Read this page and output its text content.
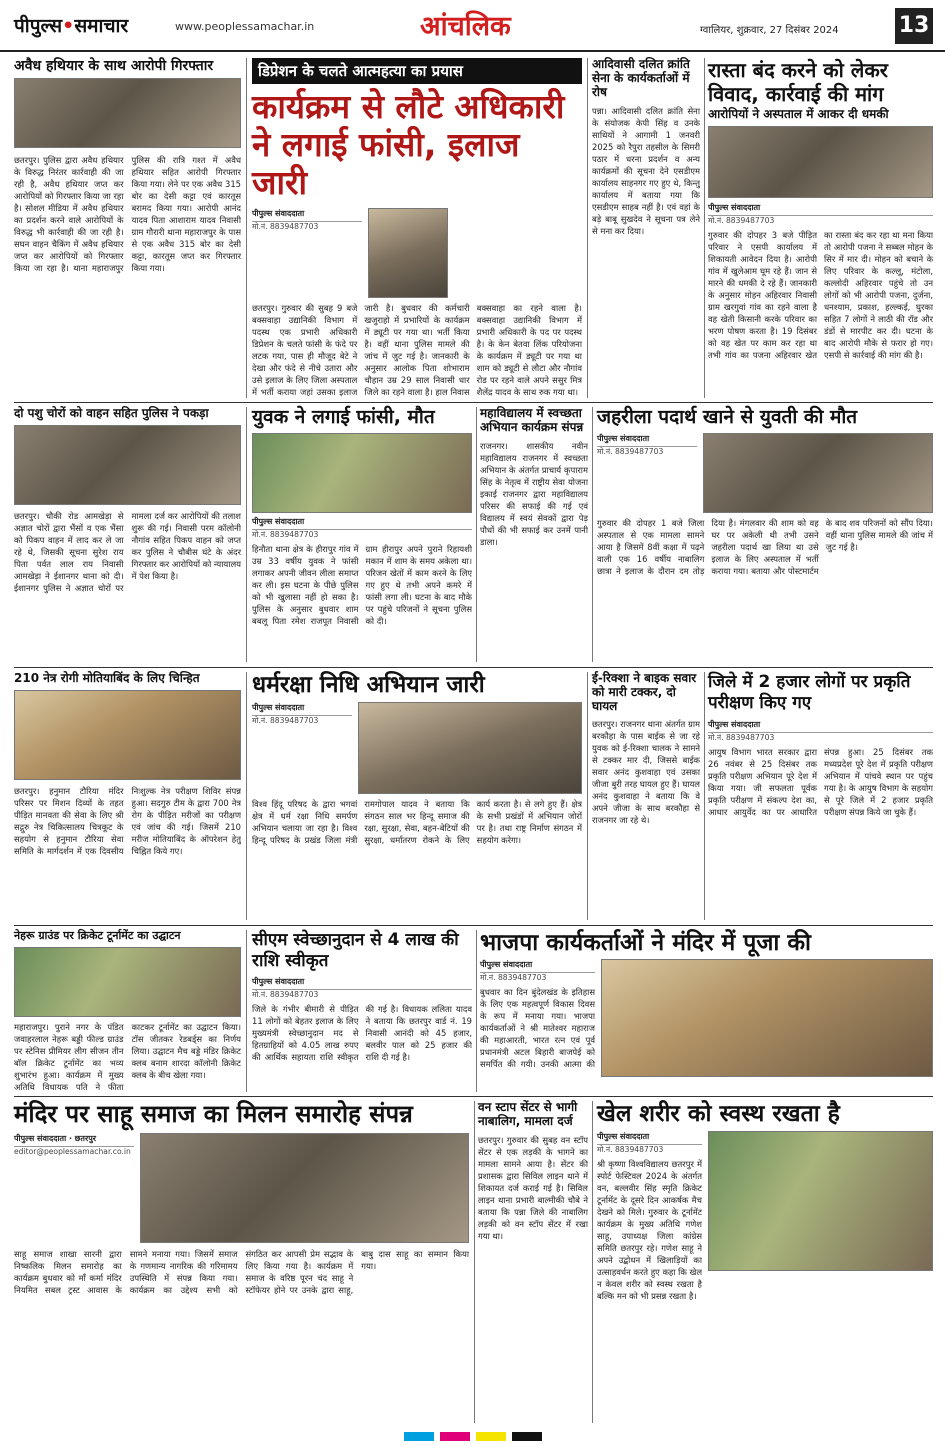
पीपुल्स•समाचार	www.peoplessamachar.in	आंचलिक	ग्वालियर, शुक्रवार, 27 दिसंबर 2024	13
अवैध हथियार के साथ आरोपी गिरफ्तार
छतरपुर। पुलिस द्वारा अवैध हथियार के विरुद्ध निरंतर कार्रवाही की जा रही है, अवैध हथियार जप्त कर आरोपियों को गिरफ्तार किया जा रहा है। सोशल मीडिया में अवैध हथियार का प्रदर्शन करने वाले आरोपियों के विरुद्ध भी कार्रवाही की जा रही है। सघन वाहन चैकिंग में अवैध हथियार जप्त कर आरोपियों को गिरफ्तार किया जा रहा है। थाना महाराजपुर पुलिस की रात्रि गश्त में अवैध हथियार सहित आरोपी गिरफ्तार किया गया। लेने पर एक अवैध 315 बोर का देसी कट्टा एवं कारतूस बरामद किया गया। आरोपी आनंद यादव पिता आशाराम यादव निवासी ग्राम गौरारी थाना महाराजपुर के पास से एक अवैध 315 बोर का देसी कट्टा, कारतूस जप्त कर गिरफ्तार किया गया।
डिप्रेशन के चलते आत्महत्या का प्रयास
कार्यक्रम से लौटे अधिकारी ने लगाई फांसी, इलाज जारी
पीपुल्स संवाददाता
मो.नं. 8839487703
छतरपुर। गुरुवार की सुबह 9 बजे बक्सवाहा उद्यानिकी विभाग में पदस्थ एक प्रभारी अधिकारी डिप्रेशन के चलते फांसी के फंदे पर लटक गया, पास ही मौजूद बेटे ने देखा और फंदे से नीचे उतारा और उसे इलाज के लिए जिला अस्पताल में भर्ती कराया जहां उसका इलाज जारी है। बुधवार की कर्मचारी खजुराहो में प्रभारियों के कार्यक्रम में ड्यूटी पर गया था। भर्ती किया है। वहीं थाना पुलिस मामले की जांच में जुट गई है। जानकारी के अनुसार आलोक पिता शोभाराम चौहान उम्र 29 साल निवासी धार जिले का रहने वाला है। हाल निवास बक्सवाहा का रहने वाला है। बक्सवाहा उद्यानिकी विभाग में प्रभारी अधिकारी के पद पर पदस्थ है। के केन बेतवा लिंक परियोजना के कार्यक्रम में ड्यूटी पर गया था शाम को ड्यूटी से लौटा और नौगांव रोड पर रहने वाले अपने ससुर मित्र शैलेंद्र यादव के साथ रुक गया था।
आदिवासी दलित क्रांति सेना के कार्यकर्ताओं में रोष
पन्ना। आदिवासी दलित क्रांति सेना के संयोजक केपी सिंह व उनके साथियों ने आगामी 1 जनवरी 2025 को रैपुरा तहसील के सिमरी पठार में धरना प्रदर्शन व अन्य कार्यक्रमों की सूचना देने एसडीएम कार्यालय साहनगर गए हुए थे, किन्तु कार्यालय में बताया गया कि एसडीएम साहब नहीं है। एवं वहां के बड़े बाबू सुखदेव ने सूचना पत्र लेने से मना कर दिया।
रास्ता बंद करने को लेकर विवाद, कार्रवाई की मांग
आरोपियों ने अस्पताल में आकर दी धमकी
पीपुल्स संवाददाता
मो.नं. 8839487703
गुरुवार की दोपहर 3 बजे पीड़ित परिवार ने एसपी कार्यालय में शिकायती आवेदन दिया है। आरोपी गांव में खुलेआम घूम रहे हैं। जान से मारने की धमकी दे रहे हैं। जानकारी के अनुसार मोहन अहिरवार निवासी ग्राम खरगुवां गांव का रहने वाला है वह खेती किसानी करके परिवार का भरण पोषण करता है। 19 दिसंबर को वह खेत पर काम कर रहा था तभी गांव का पजना अहिरवार खेत का रास्ता बंद कर रहा था मना किया तो आरोपी पजना ने सब्बल मोहन के सिर में मार दी। मोहन को बचाने के लिए परिवार के कल्लू, मंटोला, कल्लोदी अहिरवार पहुंचे तो उन लोगों को भी आरोपी पजना, दुर्जना, धनश्याम, प्रकाश, हल्ल्कई, घुरका सहित 7 लोगों ने लाठी की रॉड और डंडों से मारपीट कर दी। घटना के बाद आरोपी मौके से फरार हो गए। एसपी से कार्रवाई की मांग की है।
दो पशु चोरों को वाहन सहित पुलिस ने पकड़ा
छतरपुर। चौकी रोड आमखेड़ा से अज्ञात चोरों द्वारा भैंसों व एक भैंसा को पिकप वाहन में लाद कर ले जा रहे थे, जिसकी सूचना सुरेश राय पिता पर्वत लाल राय निवासी आमखेड़ा ने ईशानगर थाना को दी। ईशानगर पुलिस ने अज्ञात चोरों पर मामला दर्ज कर आरोपियों की तलाश शुरू की गई। निवासी परम कॉलोनी नौगांव सहित पिकप वाहन को जप्त कर पुलिस ने चौबीस घंटे के अंदर गिरफ्तार कर आरोपियों को न्यायालय में पेश किया है।
युवक ने लगाई फांसी, मौत
पीपुल्स संवाददाता
मो.नं. 8839487703
हिनौता थाना क्षेत्र के हीरापुर गांव में उम्र 33 वर्षीय युवक ने फांसी लगाकर अपनी जीवन लीला समाप्त कर ली। इस घटना के पीछे पुलिस को भी खुलासा नहीं हो सका है। पुलिस के अनुसार बुधवार शाम बबलू पिता रमेश राजपूत निवासी ग्राम हीरापुर अपने पुराने रिहायशी मकान में शाम के समय अकेला था। परिजन खेतों में काम करने के लिए गए हुए थे तभी अपने कमरे में फांसी लगा ली। घटना के बाद मौके पर पहुंचे परिजनों ने सूचना पुलिस को दी।
महाविद्यालय में स्वच्छता अभियान कार्यक्रम संपन्न
राजनगर। शासकीय नवीन महाविद्यालय राजनगर में स्वच्छता अभियान के अंतर्गत प्राचार्य कृपाराम सिंह के नेतृत्व में राष्ट्रीय सेवा योजना इकाई राजनगर द्वारा महाविद्यालय परिसर की सफाई की गई एवं विद्यालय में स्वयं सेवकों द्वारा पेड़ पौधों की भी सफाई कर उनमें पानी डाला।
जहरीला पदार्थ खाने से युवती की मौत
पीपुल्स संवाददाता
मो.नं. 8839487703
गुरुवार की दोपहर 1 बजे जिला अस्पताल से एक मामला सामने आया है जिसमें 8वीं कक्षा में पढ़ने वाली एक 16 वर्षीय नाबालिग छात्रा ने इलाज के दौरान दम तोड़ दिया है। मंगलवार की शाम को वह घर पर अकेली थी तभी उसने जहरीला पदार्थ खा लिया था उसे इलाज के लिए अस्पताल में भर्ती कराया गया। बताया और पोस्टमार्टम के बाद शव परिजनों को सौंप दिया। वहीं थाना पुलिस मामले की जांच में जुट गई है।
210 नेत्र रोगी मोतियाबिंद के लिए चिन्हित
छतरपुर। हनुमान टौरिया मंदिर परिसर पर मिशन दिव्यों के तहत पीड़ित मानवता की सेवा के लिए श्री सद्गुरु नेत्र चिकित्सालय चित्रकूट के सहयोग से हनुमान टौरिया सेवा समिति के मार्गदर्शन में एक दिवसीय निःशुल्क नेत्र परीक्षण शिविर संपन्न हुआ। सदगुरु टीम के द्वारा 700 नेत्र रोग के पीड़ित मरीजों का परीक्षण एवं जांच की गई। जिसमें 210 मरीज मोतियाबिंद के ऑपरेशन हेतु चिह्नित किये गए।
धर्मरक्षा निधि अभियान जारी
पीपुल्स संवाददाता
मो.नं. 8839487703
विश्व हिंदू परिषद के द्वारा भगवां क्षेत्र में धर्म रक्षा निधि समर्पण अभियान चलाया जा रहा है। विश्व हिन्दू परिषद के प्रखंड जिला मंत्री रामगोपाल यादव ने बताया कि संगठन साल भर हिन्दू समाज की रक्षा, सुरक्षा, सेवा, बहन-बेटियों की सुरक्षा, धर्मांतरण रोकने के लिए कार्य करता है। से लगे हुए हैं। क्षेत्र के सभी प्रखंडों में अभियान जोरों पर है। तथा राष्ट्र निर्माण संगठन में सहयोग करेगा।
ई-रिक्शा ने बाइक सवार को मारी टक्कर, दो घायल
छतरपुर। राजनगर थाना अंतर्गत ग्राम बरकौहा के पास बाईक से जा रहे युवक को ई-रिक्शा चालक ने सामने से टक्कर मार दी, जिससे बाईक सवार अनंद कुशवाहा एवं उसका जीजा बुरी तरह घायल हुए हैं। घायल अनंद कुशवाहा ने बताया कि वे अपने जीजा के साथ बरकौहा से राजनगर जा रहे थे।
जिले में 2 हजार लोगों पर प्रकृति परीक्षण किए गए
पीपुल्स संवाददाता
मो.नं. 8839487703
आयुष विभाग भारत सरकार द्वारा 26 नवंबर से 25 दिसंबर तक प्रकृति परीक्षण अभियान पूरे देश में किया गया। जी सफलता पूर्वक प्रकृति परीक्षण में संकल्प देश का, आधार आयुर्वेद का पर आधारित संपन्न हुआ। 25 दिसंबर तक मध्यप्रदेश पूरे देश में प्रकृति परीक्षण अभियान में पांचवे स्थान पर पहुंच गया है। के आयुष विभाग के सहयोग से पूरे जिले में 2 हजार प्रकृति परीक्षण संपन्न किये जा चुके हैं।
नेहरू ग्राउंड पर क्रिकेट टूर्नामेंट का उद्घाटन
महाराजपुर। पुराने नगर के पंडित जवाहरलाल नेहरू बड्डी फील्ड ग्राउंड पर स्टेनिस प्रीमियर लीग सीजन तीन बॉल क्रिकेट टूर्नामेंट का भव्य शुभारंभ हुआ। कार्यक्रम में मुख्य अतिथि विधायक पति ने फीता काटकर टूर्नामेंट का उद्घाटन किया। टॉस जीतकर रेडबर्ड्स का निर्णय लिया। उद्घाटन मैच बड्डे मंडिर क्रिकेट क्लब बनाम शारदा कॉलोनी क्रिकेट क्लब के बीच खेला गया।
सीएम स्वेच्छानुदान से 4 लाख की राशि स्वीकृत
पीपुल्स संवाददाता
मो.नं. 8839487703
जिले के गंभीर बीमारी से पीड़ित 11 लोगों को बेहतर इलाज के लिए मुख्यमंत्री स्वेच्छानुदान मद से हितग्राहियों को 4.05 लाख रुपए की आर्थिक सहायता राशि स्वीकृत की गई है। विधायक ललिता यादव ने बताया कि छतरपुर वार्ड नं. 19 निवासी आनंदी को 45 हजार, बलवीर पाल को 25 हजार की राशि दी गई है।
भाजपा कार्यकर्ताओं ने मंदिर में पूजा की
पीपुल्स संवाददाता
मो.नं. 8839487703
बुधवार का दिन बुंदेलखंड के इतिहास के लिए एक महत्वपूर्ण विकास दिवस के रूप में मनाया गया। भाजपा कार्यकर्ताओं ने श्री मातेश्वर महाराज की महाआरती, भारत रत्न एवं पूर्व प्रधानमंत्री अटल बिहारी बाजपेई को समर्पित की गयी। उनकी आत्मा की
मंदिर पर साहू समाज का मिलन समारोह संपन्न
पीपुल्स संवाददाता · छतरपुर
editor@peoplessamachar.co.in
साहू समाज शाखा सारनी द्वारा निष्कलिक मिलन समारोह का कार्यक्रम बुधवार को माँ कर्मा मंदिर नियमित सबल ट्रस्ट आवास के सामने मनाया गया। जिसमें समाज के गणमान्य नागरिक की गरिमामय उपस्थिति में संपन्न किया गया। कार्यक्रम का उद्देश्य सभी को संगठित कर आपसी प्रेम सद्भाव के लिए किया गया है। कार्यक्रम में समाज के वरिष्ठ पूरन चंद साहू ने स्टॉफेयर होने पर उनके द्वारा साहू, बाबु दास साहू का सम्मान किया गया।
वन स्टाप सेंटर से भागी नाबालिग, मामला दर्ज
छतरपुर। गुरुवार की सुबह वन स्टॉप सेंटर से एक लड़की के भागने का मामला सामने आया है। सेंटर की प्रशासक द्वारा सिविल लाइन थाने में शिकायत दर्ज कराई गई है। सिविल लाइन थाना प्रभारी बाल्मीकी चौबे ने बताया कि पन्ना जिले की नाबालिग लड़की को वन स्टॉप सेंटर में रखा गया था।
खेल शरीर को स्वस्थ रखता है
पीपुल्स संवाददाता
मो.नं. 8839487703
श्री कृष्णा विश्वविद्यालय छतरपुर में स्पोर्ट फेस्टिवल 2024 के अंतर्गत वन, बल्लवीर सिंह स्मृति क्रिकेट टूर्नामेंट के दूसरे दिन आकर्षक मैच देखने को मिले। गुरुवार के टूर्नामेंट कार्यक्रम के मुख्य अतिथि गणेश साहू, उपाध्यक्ष जिला कांग्रेस समिति छतरपुर रहे। गणेश साहू ने अपने उद्बोधन में खिलाड़ियों का उत्साहवर्धन करते हुए कहा कि खेल न केवल शरीर को स्वस्थ रखता है बल्कि मन को भी प्रसन्न रखता है।
